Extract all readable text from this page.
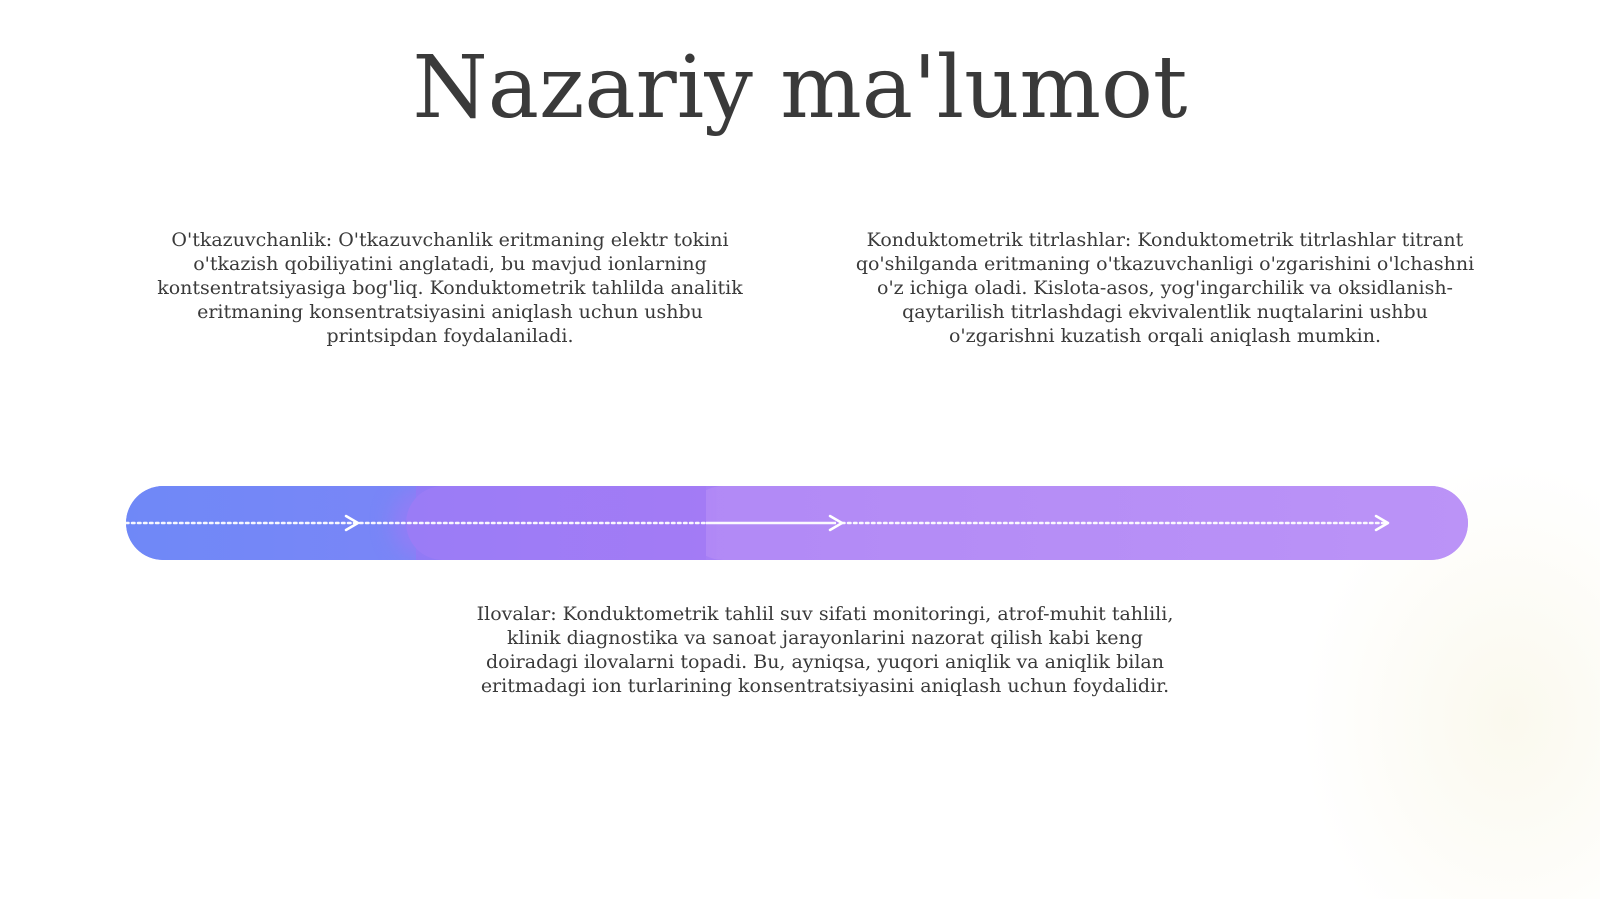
Nazariy ma'lumot

O'tkazuvchanlik: O'tkazuvchanlik eritmaning elektr tokini o'tkazish qobiliyatini anglatadi, bu mavjud ionlarning kontsentratsiyasiga bog'liq. Konduktometrik tahlilda analitik eritmaning konsentratsiyasini aniqlash uchun ushbu printsipdan foydalaniladi.

Konduktometrik titrlashlar: Konduktometrik titrlashlar titrant qo'shilganda eritmaning o'tkazuvchanligi o'zgarishini o'lchashni o'z ichiga oladi. Kislota-asos, yog'ingarchilik va oksidlanish-qaytarilish titrlashdagi ekvivalentlik nuqtalarini ushbu o'zgarishni kuzatish orqali aniqlash mumkin.

Ilovalar: Konduktometrik tahlil suv sifati monitoringi, atrof-muhit tahlili, klinik diagnostika va sanoat jarayonlarini nazorat qilish kabi keng doiradagi ilovalarni topadi. Bu, ayniqsa, yuqori aniqlik va aniqlik bilan eritmadagi ion turlarining konsentratsiyasini aniqlash uchun foydalidir.
